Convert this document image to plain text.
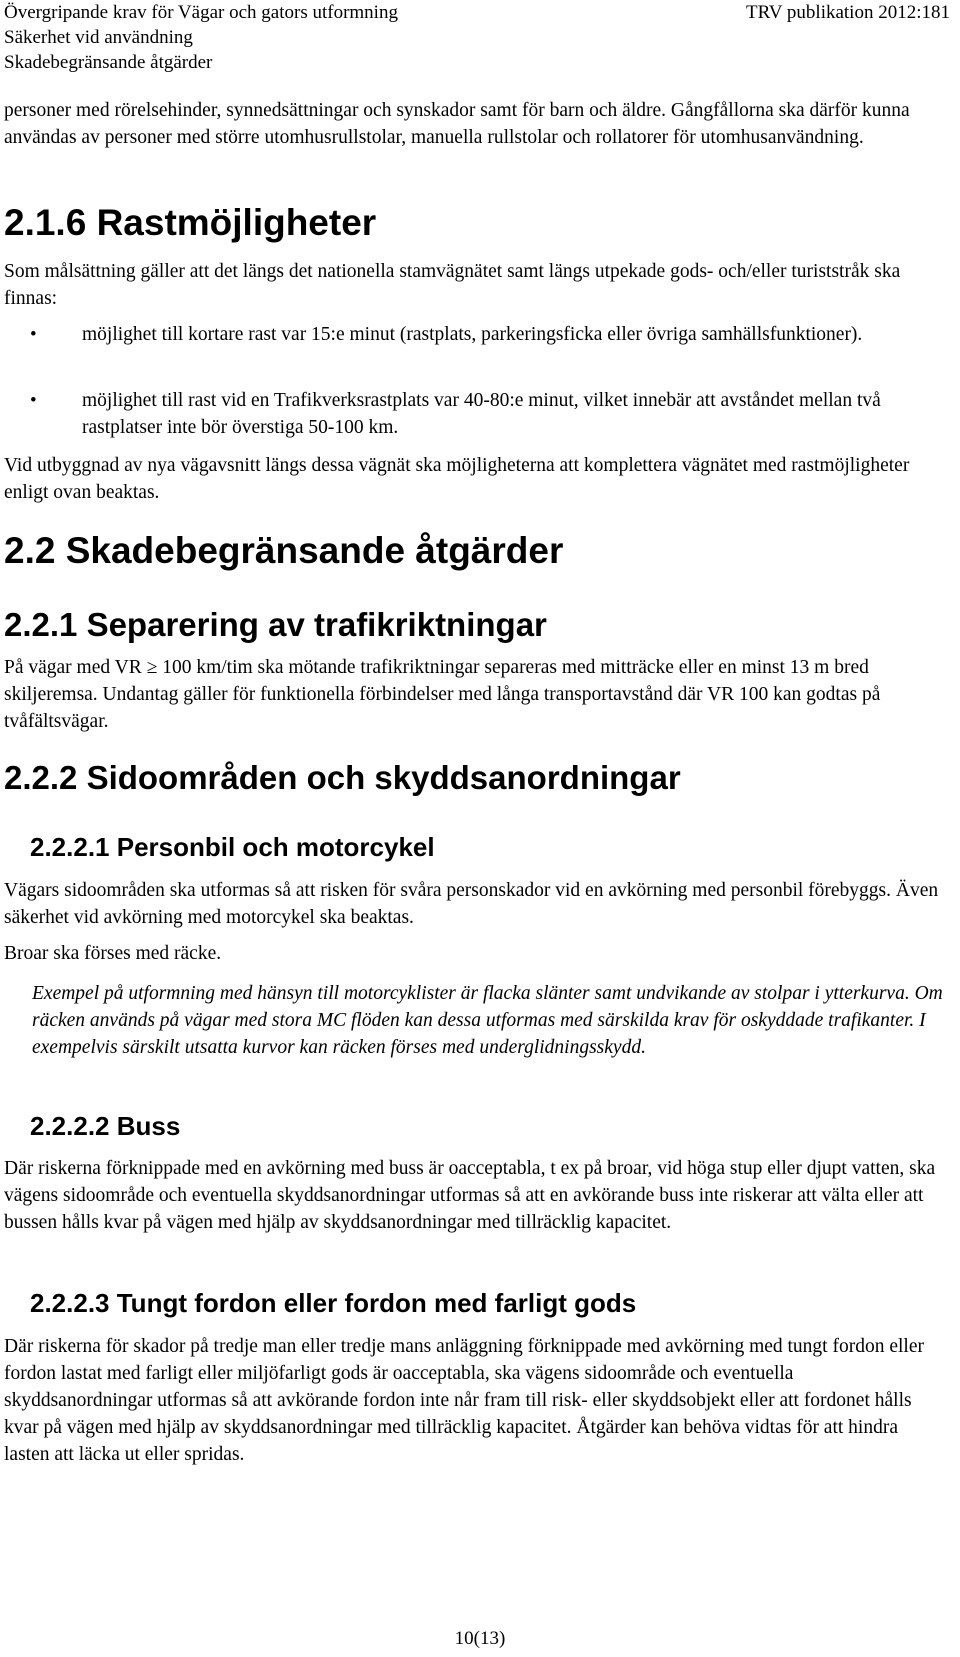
Övergripande krav för Vägar och gators utformning
Säkerhet vid användning
Skadebegränsande åtgärder
TRV publikation 2012:181

personer med rörelsehinder, synnedsättningar och synskador samt för barn och äldre. Gångfållorna ska därför kunna användas av personer med större utomhusrullstolar, manuella rullstolar och rollatorer för utomhusanvändning.

2.1.6 Rastmöjligheter

Som målsättning gäller att det längs det nationella stamvägnätet samt längs utpekade gods- och/eller turiststråk ska finnas:

• möjlighet till kortare rast var 15:e minut (rastplats, parkeringsficka eller övriga samhällsfunktioner).
• möjlighet till rast vid en Trafikverksrastplats var 40-80:e minut, vilket innebär att avståndet mellan två rastplatser inte bör överstiga 50-100 km.

Vid utbyggnad av nya vägavsnitt längs dessa vägnät ska möjligheterna att komplettera vägnätet med rastmöjligheter enligt ovan beaktas.

2.2 Skadebegränsande åtgärder
2.2.1 Separering av trafikriktningar

På vägar med VR ≥ 100 km/tim ska mötande trafikriktningar separeras med mitträcke eller en minst 13 m bred skiljeremsa. Undantag gäller för funktionella förbindelser med långa transportavstånd där VR 100 kan godtas på tvåfältsvägar.

2.2.2 Sidoområden och skyddsanordningar
2.2.2.1 Personbil och motorcykel

Vägars sidoområden ska utformas så att risken för svåra personskador vid en avkörning med personbil förebyggs. Även säkerhet vid avkörning med motorcykel ska beaktas.

Broar ska förses med räcke.

Exempel på utformning med hänsyn till motorcyklister är flacka slänter samt undvikande av stolpar i ytterkurva. Om räcken används på vägar med stora MC flöden kan dessa utformas med särskilda krav för oskyddade trafikanter. I exempelvis särskilt utsatta kurvor kan räcken förses med underglidningsskydd.

2.2.2.2 Buss

Där riskerna förknippade med en avkörning med buss är oacceptabla, t ex på broar, vid höga stup eller djupt vatten, ska vägens sidoområde och eventuella skyddsanordningar utformas så att en avkörande buss inte riskerar att välta eller att bussen hålls kvar på vägen med hjälp av skyddsanordningar med tillräcklig kapacitet.

2.2.2.3 Tungt fordon eller fordon med farligt gods

Där riskerna för skador på tredje man eller tredje mans anläggning förknippade med avkörning med tungt fordon eller fordon lastat med farligt eller miljöfarligt gods är oacceptabla, ska vägens sidoområde och eventuella skyddsanordningar utformas så att avkörande fordon inte når fram till risk- eller skyddsobjekt eller att fordonet hålls kvar på vägen med hjälp av skyddsanordningar med tillräcklig kapacitet. Åtgärder kan behöva vidtas för att hindra lasten att läcka ut eller spridas.

10(13)
